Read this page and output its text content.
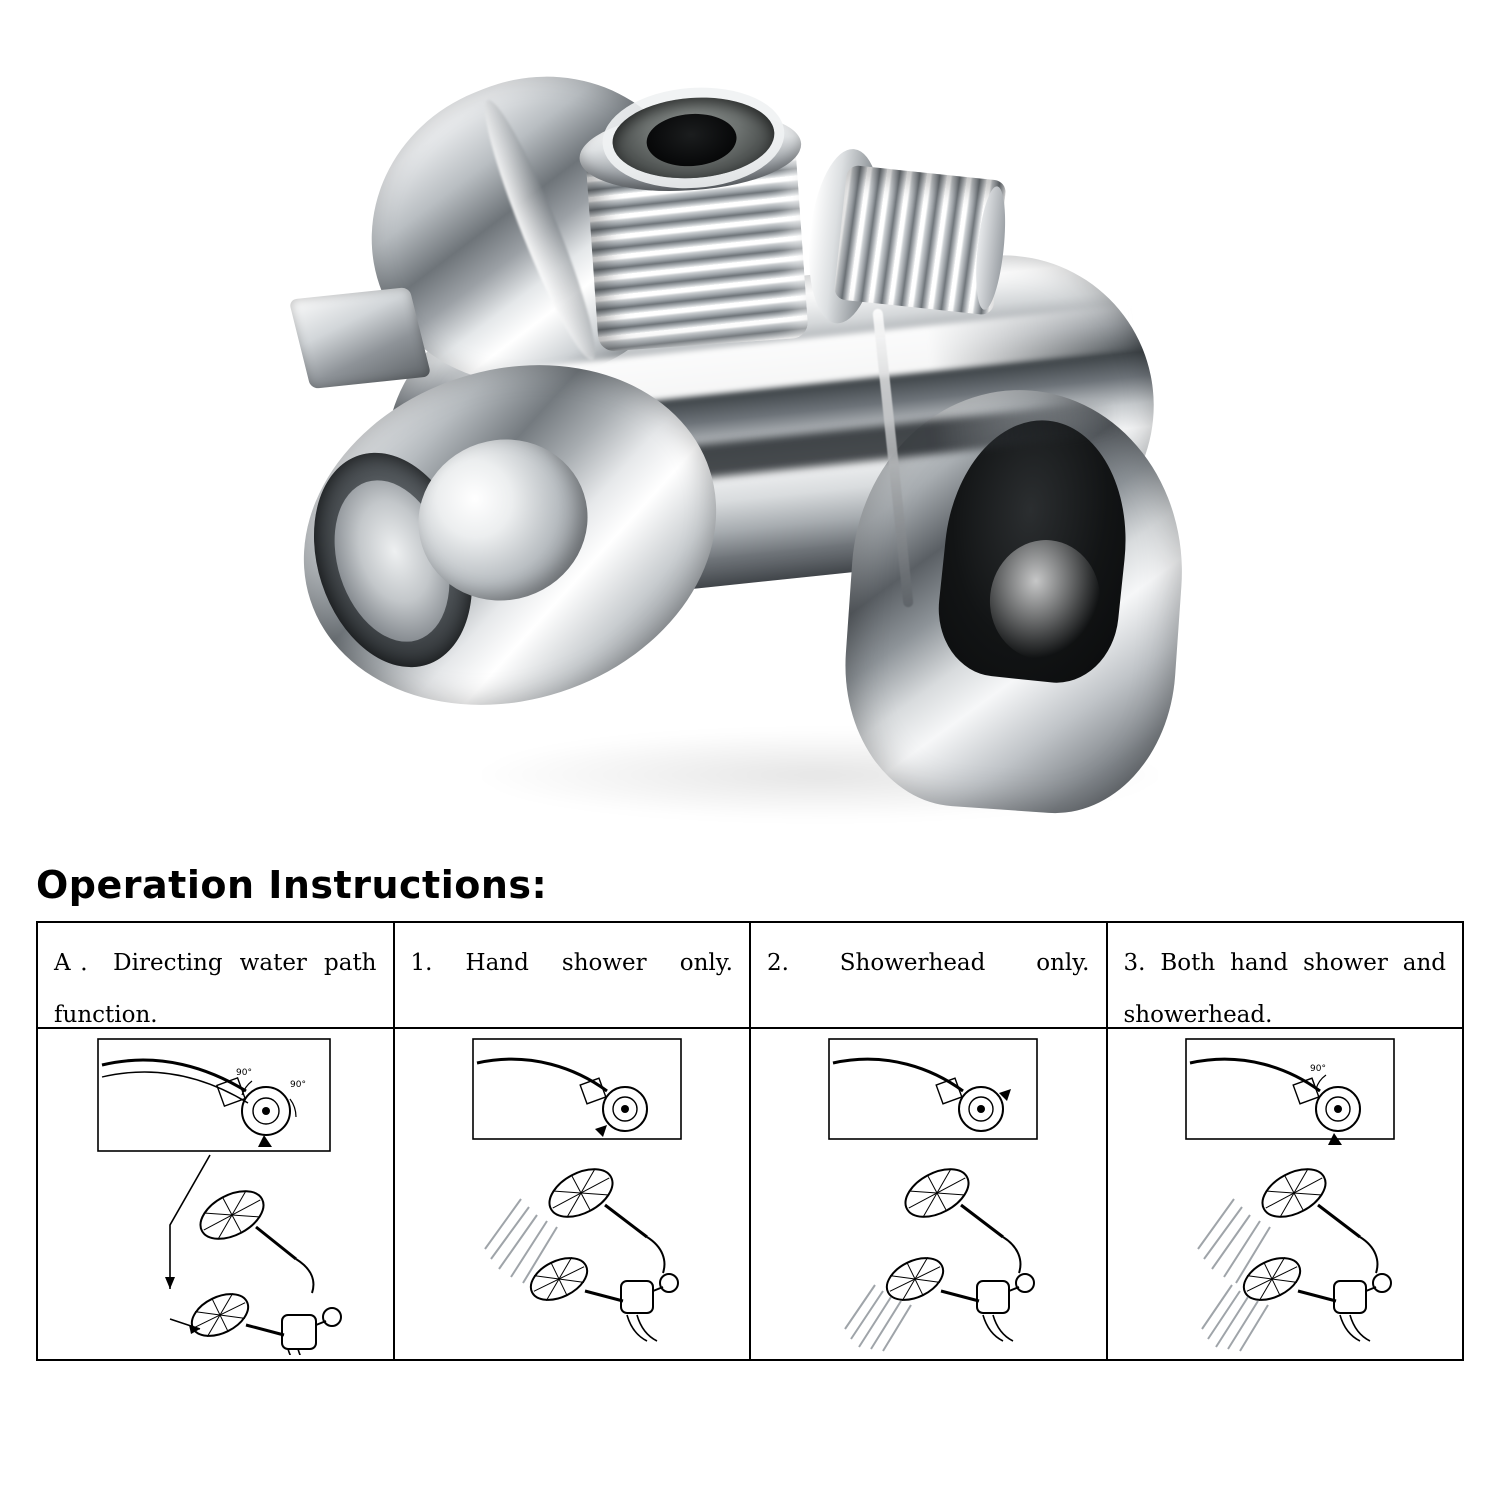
Operation Instructions:
A．Directing water path function.	1. Hand shower only.	2. Showerhead only.	3. Both hand shower and showerhead.

90°
90°			90°
